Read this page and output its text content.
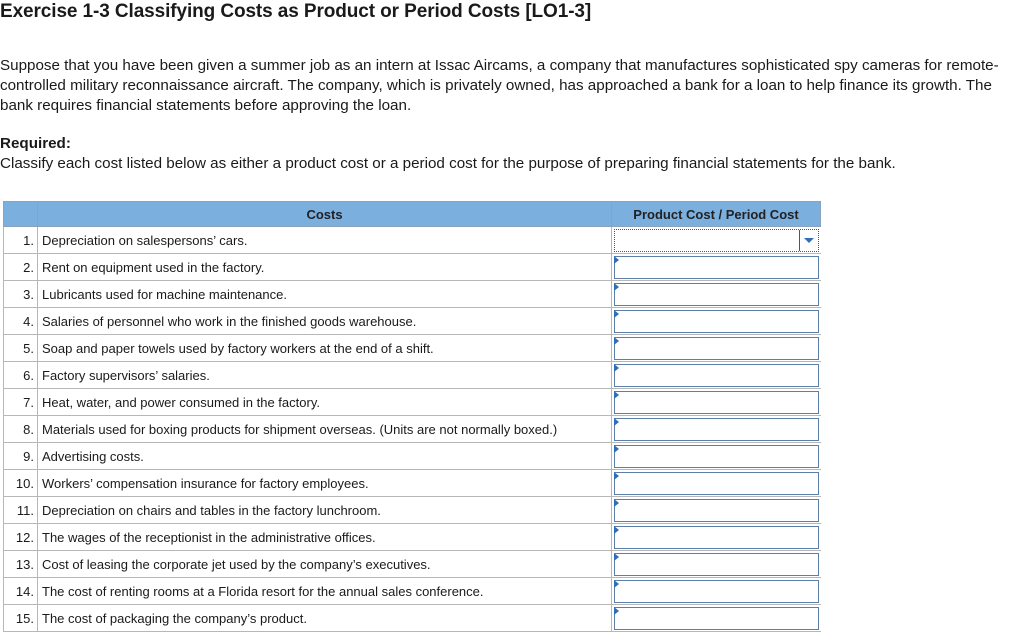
Exercise 1-3 Classifying Costs as Product or Period Costs [LO1-3]

Suppose that you have been given a summer job as an intern at Issac Aircams, a company that manufactures sophisticated spy cameras for remote-controlled military reconnaissance aircraft. The company, which is privately owned, has approached a bank for a loan to help finance its growth. The bank requires financial statements before approving the loan.

Required:

Classify each cost listed below as either a product cost or a period cost for the purpose of preparing financial statements for the bank.

	Costs	Product Cost / Period Cost
1.	Depreciation on salespersons’ cars.	

2.	Rent on equipment used in the factory.	

3.	Lubricants used for machine maintenance.	

4.	Salaries of personnel who work in the finished goods warehouse.	

5.	Soap and paper towels used by factory workers at the end of a shift.	

6.	Factory supervisors’ salaries.	

7.	Heat, water, and power consumed in the factory.	

8.	Materials used for boxing products for shipment overseas. (Units are not normally boxed.)	

9.	Advertising costs.	

10.	Workers’ compensation insurance for factory employees.	

11.	Depreciation on chairs and tables in the factory lunchroom.	

12.	The wages of the receptionist in the administrative offices.	

13.	Cost of leasing the corporate jet used by the company’s executives.	

14.	The cost of renting rooms at a Florida resort for the annual sales conference.	

15.	The cost of packaging the company’s product.	
